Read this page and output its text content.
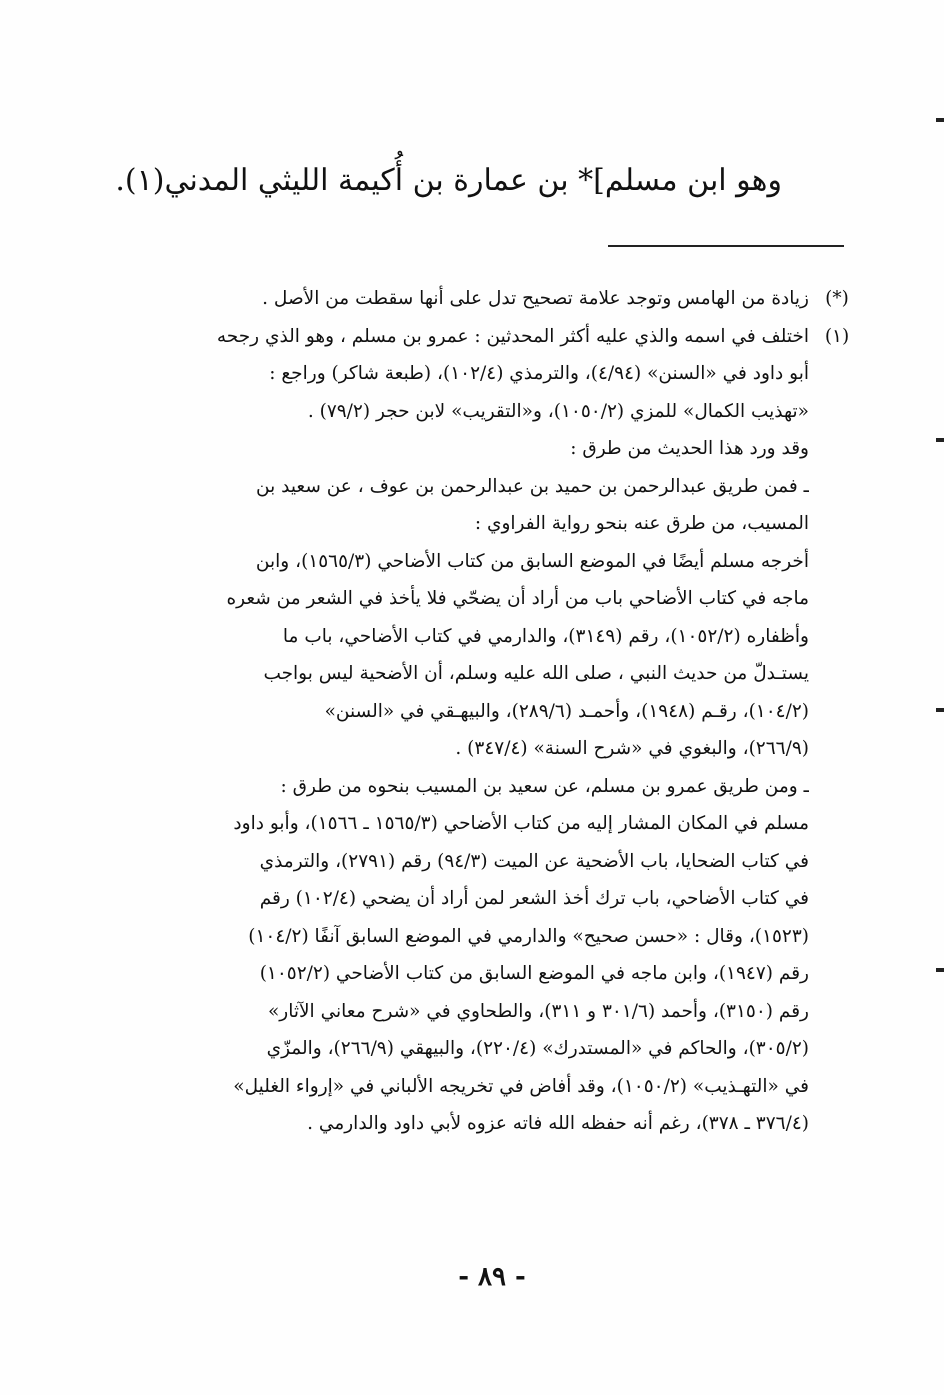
وهو ابن مسلم]* بن عمارة بن أُكيمة الليثي المدني(١).
(*)
زيادة من الهامس وتوجد علامة تصحيح تدل على أنها سقطت من الأصل .
(١)
اختلف في اسمه والذي عليه أكثر المحدثين : عمرو بن مسلم ، وهو الذي رجحه
أبو داود في «السنن» (٤/٩٤)، والترمذي (١٠٢/٤)، (طبعة شاكر) وراجع :
«تهذيب الكمال» للمزي (١٠٥٠/٢)، و«التقريب» لابن حجر (٧٩/٢) .
وقد ورد هذا الحديث من طرق :
ـ فمن طريق عبدالرحمن بن حميد بن عبدالرحمن بن عوف ، عن سعيد بن
المسيب، من طرق عنه بنحو رواية الفراوي :
أخرجه مسلم أيضًا في الموضع السابق من كتاب الأضاحي (١٥٦٥/٣)، وابن
ماجه في كتاب الأضاحي باب من أراد أن يضحّي فلا يأخذ في الشعر من شعره
وأظفاره (١٠٥٢/٢)، رقم (٣١٤٩)، والدارمي في كتاب الأضاحي، باب ما
يستـدلّ من حديث النبي ، صلى الله عليه وسلم، أن الأضحية ليس بواجب
(١٠٤/٢)، رقـم (١٩٤٨)، وأحمـد (٢٨٩/٦)، والبيهـقي في «السنن»
(٢٦٦/٩)، والبغوي في «شرح السنة» (٣٤٧/٤) .
ـ ومن طريق عمرو بن مسلم، عن سعيد بن المسيب بنحوه من طرق :
مسلم في المكان المشار إليه من كتاب الأضاحي (١٥٦٥/٣ ـ ١٥٦٦)، وأبو داود
في كتاب الضحايا، باب الأضحية عن الميت (٩٤/٣) رقم (٢٧٩١)، والترمذي
في كتاب الأضاحي، باب ترك أخذ الشعر لمن أراد أن يضحي (١٠٢/٤) رقم
(١٥٢٣)، وقال : «حسن صحيح» والدارمي في الموضع السابق آنفًا (١٠٤/٢)
رقم (١٩٤٧)، وابن ماجه في الموضع السابق من كتاب الأضاحي (١٠٥٢/٢)
رقم (٣١٥٠)، وأحمد (٣٠١/٦ و ٣١١)، والطحاوي في «شرح معاني الآثار»
(٣٠٥/٢)، والحاكم في «المستدرك» (٢٢٠/٤)، والبيهقي (٢٦٦/٩)، والمزّي
في «التهـذيب» (١٠٥٠/٢)، وقد أفاض في تخريجه الألباني في «إرواء الغليل»
(٣٧٦/٤ ـ ٣٧٨)، رغم أنه حفظه الله فاته عزوه لأبي داود والدارمي .
- ٨٩ -
